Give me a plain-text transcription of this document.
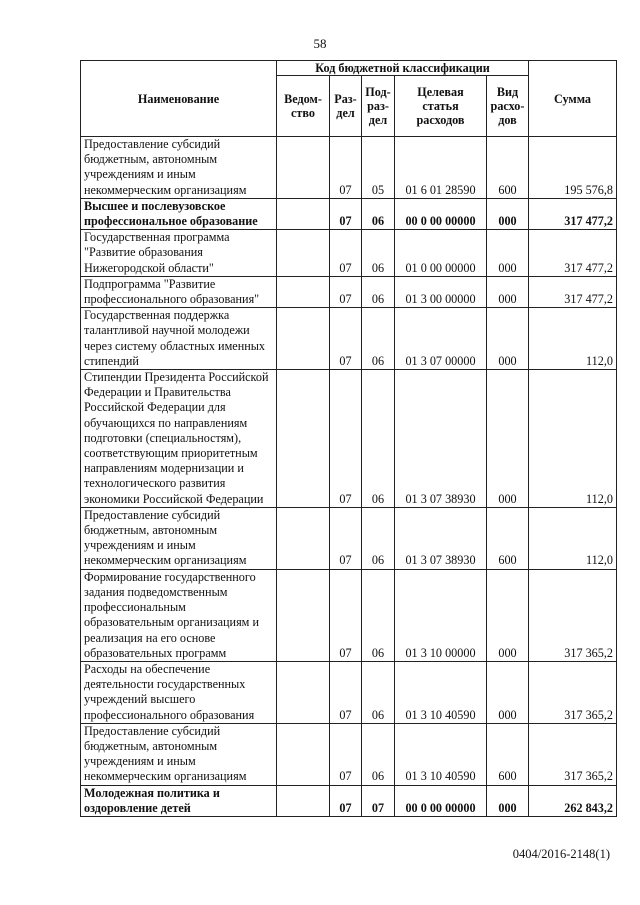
58
Наименование	Код бюджетной классификации					Сумма
	Ведом-ство	Раз-дел	Под-раз-дел	Целевая статья расходов	Вид расхо-дов	
Предоставление субсидий бюджетным, автономным учреждениям и иным некоммерческим организациям		07	05	01 6 01 28590	600	195 576,8
Высшее и послевузовское профессиональное образование		07	06	00 0 00 00000	000	317 477,2
Государственная программа "Развитие образования Нижегородской области"		07	06	01 0 00 00000	000	317 477,2
Подпрограмма "Развитие профессионального образования"		07	06	01 3 00 00000	000	317 477,2
Государственная поддержка талантливой научной молодежи через систему областных именных стипендий		07	06	01 3 07 00000	000	112,0
Стипендии Президента Российской Федерации и Правительства Российской Федерации для обучающихся по направлениям подготовки (специальностям), соответствующим приоритетным направлениям модернизации и технологического развития экономики Российской Федерации		07	06	01 3 07 38930	000	112,0
Предоставление субсидий бюджетным, автономным учреждениям и иным некоммерческим организациям		07	06	01 3 07 38930	600	112,0
Формирование государственного задания подведомственным профессиональным образовательным организациям и реализация на его основе образовательных программ		07	06	01 3 10 00000	000	317 365,2
Расходы на обеспечение деятельности государственных учреждений высшего профессионального образования		07	06	01 3 10 40590	000	317 365,2
Предоставление субсидий бюджетным, автономным учреждениям и иным некоммерческим организациям		07	06	01 3 10 40590	600	317 365,2
Молодежная политика и оздоровление детей		07	07	00 0 00 00000	000	262 843,2
0404/2016-2148(1)
